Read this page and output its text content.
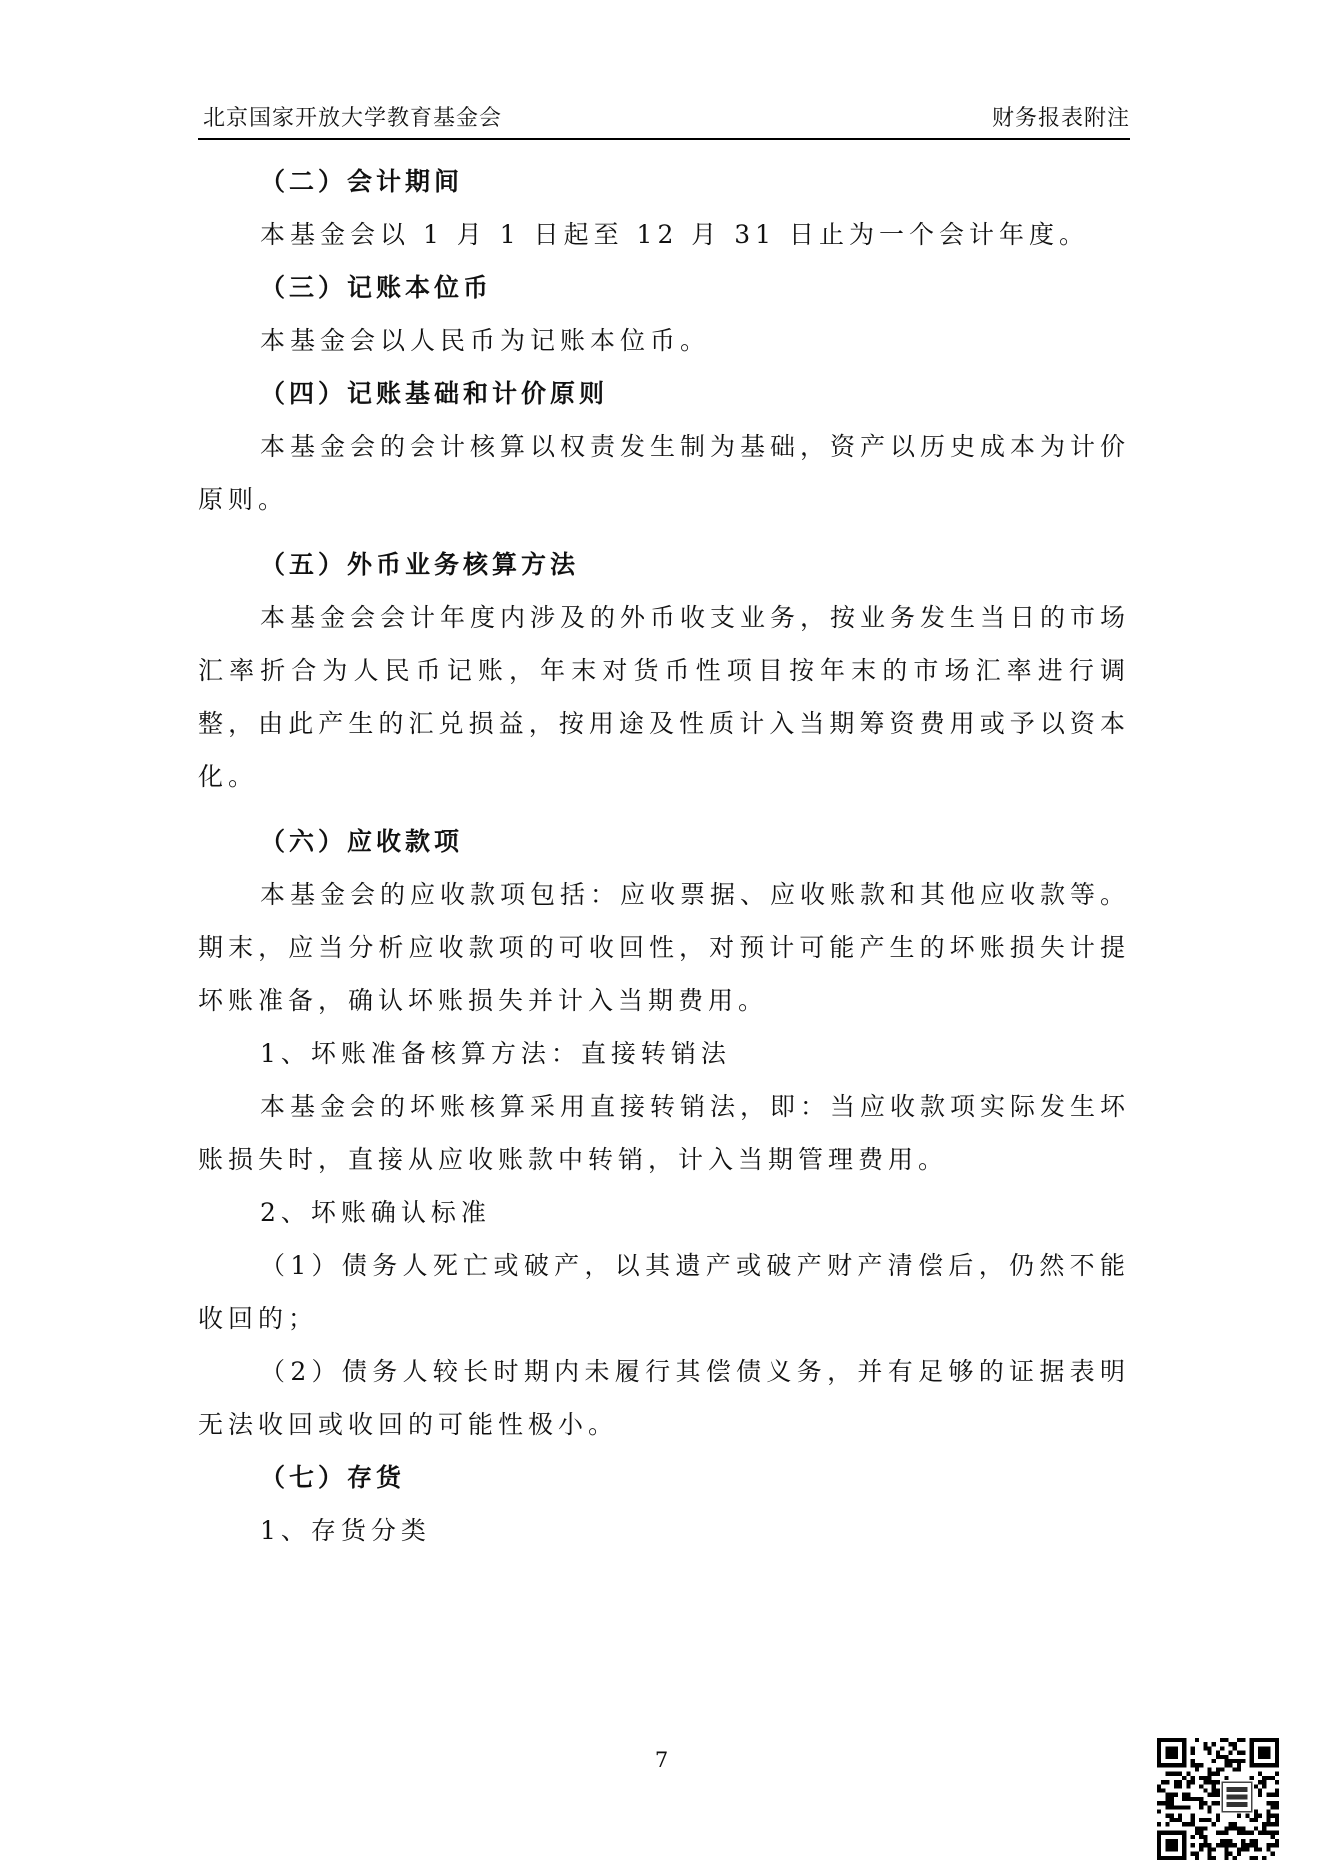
北京国家开放大学教育基金会	财务报表附注

（二）会计期间

本基金会以 1 月 1 日起至 12 月 31 日止为一个会计年度。

（三）记账本位币

本基金会以人民币为记账本位币。

（四）记账基础和计价原则

本基金会的会计核算以权责发生制为基础，资产以历史成本为计价原则。

（五）外币业务核算方法

本基金会会计年度内涉及的外币收支业务，按业务发生当日的市场汇率折合为人民币记账，年末对货币性项目按年末的市场汇率进行调整，由此产生的汇兑损益，按用途及性质计入当期筹资费用或予以资本化。

（六）应收款项

本基金会的应收款项包括：应收票据、应收账款和其他应收款等。期末，应当分析应收款项的可收回性，对预计可能产生的坏账损失计提坏账准备，确认坏账损失并计入当期费用。

1、坏账准备核算方法：直接转销法

本基金会的坏账核算采用直接转销法，即：当应收款项实际发生坏账损失时，直接从应收账款中转销，计入当期管理费用。

2、坏账确认标准

（1）债务人死亡或破产，以其遗产或破产财产清偿后，仍然不能收回的；

（2）债务人较长时期内未履行其偿债义务，并有足够的证据表明无法收回或收回的可能性极小。

（七）存货

1、存货分类

7
